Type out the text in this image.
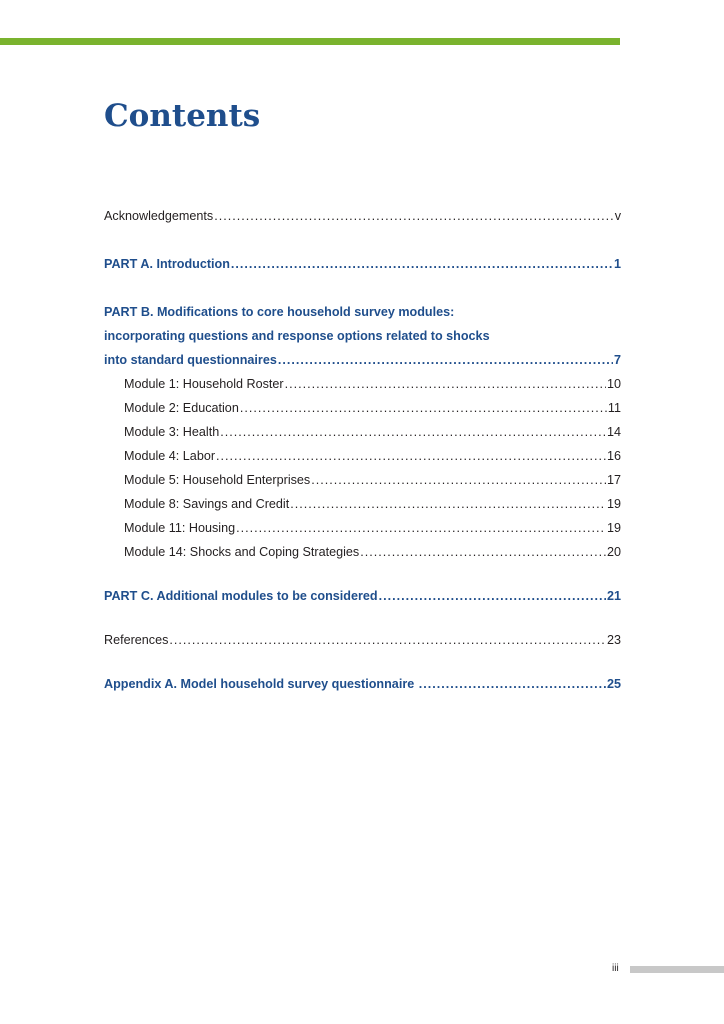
Contents
Acknowledgements .....	v
PART A. Introduction .....	1
PART B. Modifications to core household survey modules:
incorporating questions and response options related to shocks
into standard questionnaires .....	7
Module 1: Household Roster .....	10
Module 2: Education .....	11
Module 3: Health .....	14
Module 4: Labor .....	16
Module 5: Household Enterprises .....	17
Module 8: Savings and Credit .....	19
Module 11: Housing .....	19
Module 14: Shocks and Coping Strategies .....	20
PART C. Additional modules to be considered .....	21
References .....	23
Appendix A. Model household survey questionnaire .....	25
iii
